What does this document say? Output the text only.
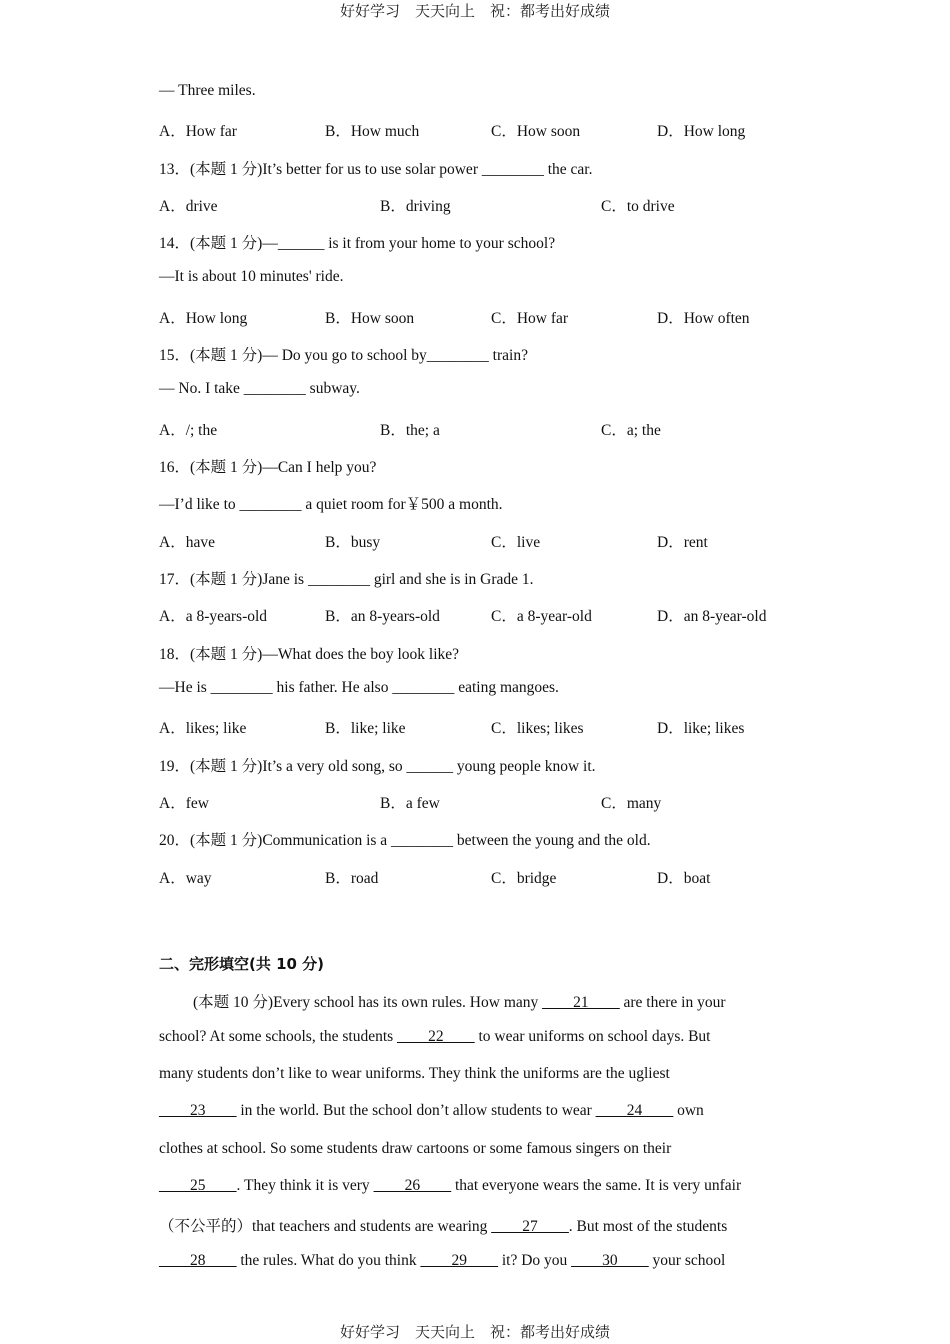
好好学习　天天向上　祝：都考出好成绩
— Three miles.
A．How far	B．How much	C．How soon	D．How long
13．(本题 1 分)It’s better for us to use solar power ________ the car.
A．drive	B．driving	C．to drive
14．(本题 1 分)—______ is it from your home to your school?
—It is about 10 minutes' ride.
A．How long	B．How soon	C．How far	D．How often
15．(本题 1 分)— Do you go to school by________ train?
— No. I take ________ subway.
A．/; the	B．the; a	C．a; the
16．(本题 1 分)—Can I help you?
—I’d like to ________ a quiet room for￥500 a month.
A．have	B．busy	C．live	D．rent
17．(本题 1 分)Jane is ________ girl and she is in Grade 1.
A．a 8-years-old	B．an 8-years-old	C．a 8-year-old	D．an 8-year-old
18．(本题 1 分)—What does the boy look like?
—He is ________ his father. He also ________ eating mangoes.
A．likes; like	B．like; like	C．likes; likes	D．like; likes
19．(本题 1 分)It’s a very old song, so ______ young people know it.
A．few	B．a few	C．many
20．(本题 1 分)Communication is a ________ between the young and the old.
A．way	B．road	C．bridge	D．boat
二、完形填空(共 10 分)
(本题 10 分)Every school has its own rules. How many ____21____ are there in your
school? At some schools, the students ____22____ to wear uniforms on school days. But
many students don’t like to wear uniforms. They think the uniforms are the ugliest
____23____ in the world. But the school don’t allow students to wear ____24____ own
clothes at school. So some students draw cartoons or some famous singers on their
____25____. They think it is very ____26____ that everyone wears the same. It is very unfair
（不公平的）that teachers and students are wearing ____27____. But most of the students
____28____ the rules. What do you think ____29____ it? Do you ____30____ your school
好好学习　天天向上　祝：都考出好成绩
